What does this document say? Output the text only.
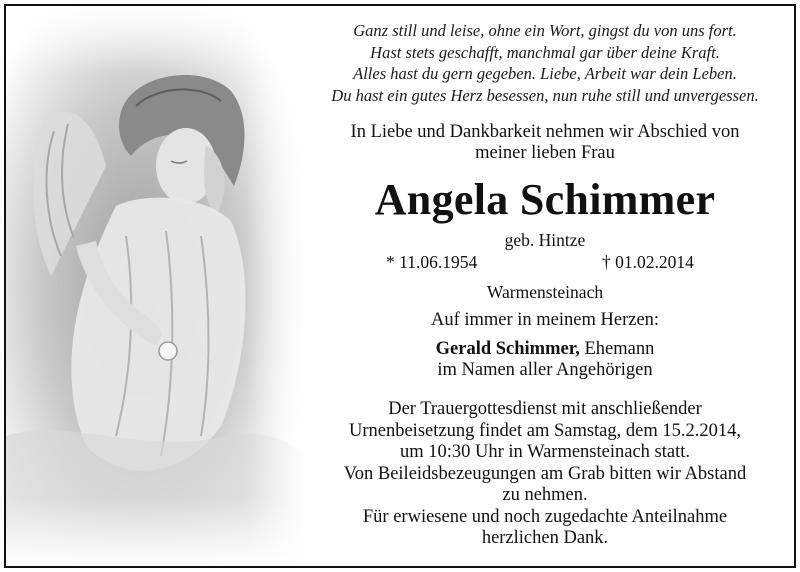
Ganz still und leise, ohne ein Wort, gingst du von uns fort.
Hast stets geschafft, manchmal gar über deine Kraft.
Alles hast du gern gegeben. Liebe, Arbeit war dein Leben.
Du hast ein gutes Herz besessen, nun ruhe still und unvergessen.
In Liebe und Dankbarkeit nehmen wir Abschied von
meiner lieben Frau
Angela Schimmer
geb. Hintze
* 11.06.1954	† 01.02.2014
Warmensteinach
Auf immer in meinem Herzen:
Gerald Schimmer, Ehemann
im Namen aller Angehörigen
Der Trauergottesdienst mit anschließender
Urnenbeisetzung findet am Samstag, dem 15.2.2014,
um 10:30 Uhr in Warmensteinach statt.
Von Beileidsbezeugungen am Grab bitten wir Abstand
zu nehmen.
Für erwiesene und noch zugedachte Anteilnahme
herzlichen Dank.
